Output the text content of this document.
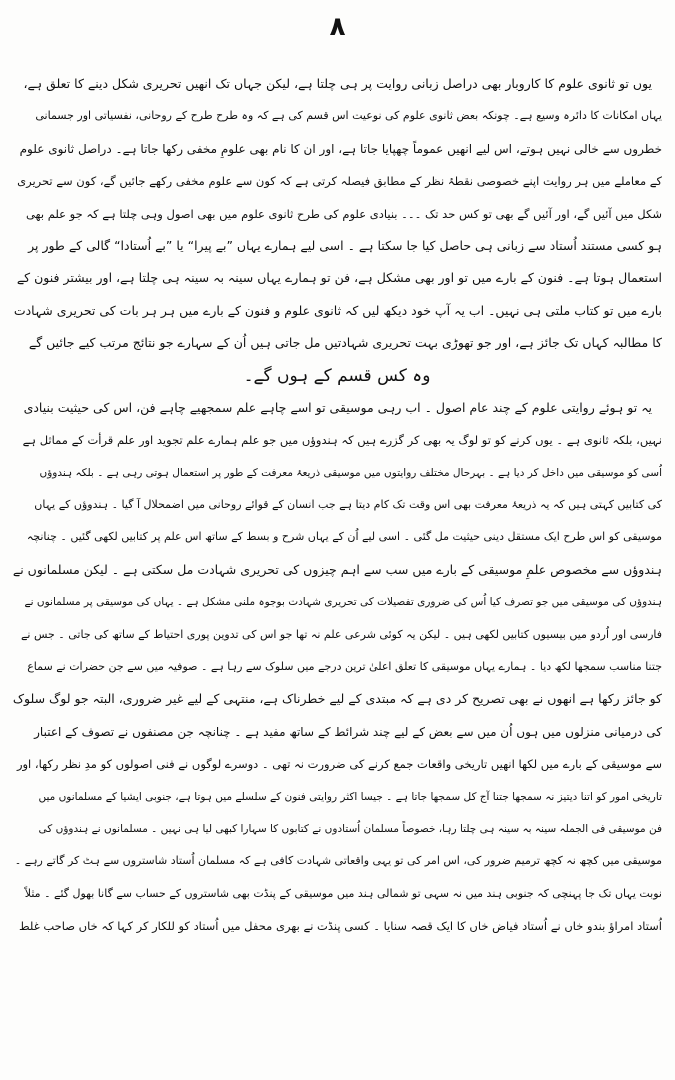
۸
یوں تو ثانوی علوم کا کاروبار بھی دراصل زبانی روایت پر ہی چلتا ہے، لیکن جہاں تک انھیں تحریری شکل دینے کا تعلق ہے،
یہاں امکانات کا دائرہ وسیع ہے۔ چونکہ بعض ثانوی علوم کی نوعیت اس قسم کی ہے کہ وہ طرح طرح کے روحانی، نفسیاتی اور جسمانی
خطروں سے خالی نہیں ہوتے، اس لیے انھیں عموماً چھپایا جاتا ہے، اور ان کا نام بھی علومِ مخفی رکھا جاتا ہے۔ دراصل ثانوی علوم
کے معاملے میں ہر روایت اپنے خصوصی نقطۂ نظر کے مطابق فیصلہ کرتی ہے کہ کون سے علوم مخفی رکھے جائیں گے، کون سے تحریری
شکل میں آئیں گے، اور آئیں گے بھی تو کس حد تک ۔۔۔ بنیادی علوم کی طرح ثانوی علوم میں بھی اصول وہی چلتا ہے کہ جو علم بھی
ہو کسی مستند اُستاد سے زبانی ہی حاصل کیا جا سکتا ہے ۔ اسی لیے ہمارے یہاں ”بے پیرا“ یا ”بے اُستادا“ گالی کے طور پر
استعمال ہوتا ہے۔ فنون کے بارے میں تو اور بھی مشکل ہے، فن تو ہمارے یہاں سینہ بہ سینہ ہی چلتا ہے، اور بیشتر فنون کے
بارے میں تو کتاب ملتی ہی نہیں۔ اب یہ آپ خود دیکھ لیں کہ ثانوی علوم و فنون کے بارے میں ہر ہر بات کی تحریری شہادت
کا مطالبہ کہاں تک جائز ہے، اور جو تھوڑی بہت تحریری شہادتیں مل جاتی ہیں اُن کے سہارے جو نتائج مرتب کیے جائیں گے
وہ کس قسم کے ہوں گے۔
یہ تو ہوئے روایتی علوم کے چند عام اصول ۔ اب رہی موسیقی تو اسے چاہے علم سمجھیے چاہے فن، اس کی حیثیت بنیادی
نہیں، بلکہ ثانوی ہے ۔ یوں کرنے کو تو لوگ یہ بھی کر گزرے ہیں کہ ہندوؤں میں جو علم ہمارے علم تجوید اور علم قرأت کے مماثل ہے
اُسی کو موسیقی میں داخل کر دیا ہے ۔ بہرحال مختلف روایتوں میں موسیقی ذریعۂ معرفت کے طور پر استعمال ہوتی رہی ہے ۔ بلکہ ہندوؤں
کی کتابیں کہتی ہیں کہ یہ ذریعۂ معرفت بھی اس وقت تک کام دیتا ہے جب انسان کے قوائے روحانی میں اضمحلال آ گیا ۔ ہندوؤں کے یہاں
موسیقی کو اس طرح ایک مستقل دینی حیثیت مل گئی ۔ اسی لیے اُن کے یہاں شرح و بسط کے ساتھ اس علم پر کتابیں لکھی گئیں ۔ چنانچہ
ہندوؤں سے مخصوص علمِ موسیقی کے بارے میں سب سے اہم چیزوں کی تحریری شہادت مل سکتی ہے ۔ لیکن مسلمانوں نے
ہندوؤں کی موسیقی میں جو تصرف کیا اُس کی ضروری تفصیلات کی تحریری شہادت بوجوہ ملنی مشکل ہے ۔ یہاں کی موسیقی پر مسلمانوں نے
فارسی اور اُردو میں بیسیوں کتابیں لکھی ہیں ۔ لیکن یہ کوئی شرعی علم نہ تھا جو اس کی تدوین پوری احتیاط کے ساتھ کی جاتی ۔ جس نے
جتنا مناسب سمجھا لکھ دیا ۔ ہمارے یہاں موسیقی کا تعلق اعلیٰ ترین درجے میں سلوک سے رہا ہے ۔ صوفیہ میں سے جن حضرات نے سماع
کو جائز رکھا ہے انھوں نے بھی تصریح کر دی ہے کہ مبتدی کے لیے خطرناک ہے، منتہی کے لیے غیر ضروری، البتہ جو لوگ سلوک
کی درمیانی منزلوں میں ہوں اُن میں سے بعض کے لیے چند شرائط کے ساتھ مفید ہے ۔ چنانچہ جن مصنفوں نے تصوف کے اعتبار
سے موسیقی کے بارے میں لکھا انھیں تاریخی واقعات جمع کرنے کی ضرورت نہ تھی ۔ دوسرے لوگوں نے فنی اصولوں کو مدِ نظر رکھا، اور
تاریخی امور کو اتنا دیتیز نہ سمجھا جتنا آج کل سمجھا جاتا ہے ۔ جیسا اکثر روایتی فنون کے سلسلے میں ہوتا ہے، جنوبی ایشیا کے مسلمانوں میں
فن موسیقی فی الجملہ سینہ بہ سینہ ہی چلتا رہا، خصوصاً مسلمان اُستادوں نے کتابوں کا سہارا کبھی لیا ہی نہیں ۔ مسلمانوں نے ہندوؤں کی
موسیقی میں کچھ نہ کچھ ترمیم ضرور کی، اس امر کی تو یہی واقعاتی شہادت کافی ہے کہ مسلمان اُستاد شاستروں سے ہٹ کر گاتے رہے ۔
نوبت یہاں تک جا پہنچی کہ جنوبی ہند میں نہ سہی تو شمالی ہند میں موسیقی کے پنڈت بھی شاستروں کے حساب سے گانا بھول گئے ۔ مثلاً
اُستاد امراؤ بندو خاں نے اُستاد فیاض خاں کا ایک قصہ سنایا ۔ کسی پنڈت نے بھری محفل میں اُستاد کو للکار کر کہا کہ خاں صاحب غلط
